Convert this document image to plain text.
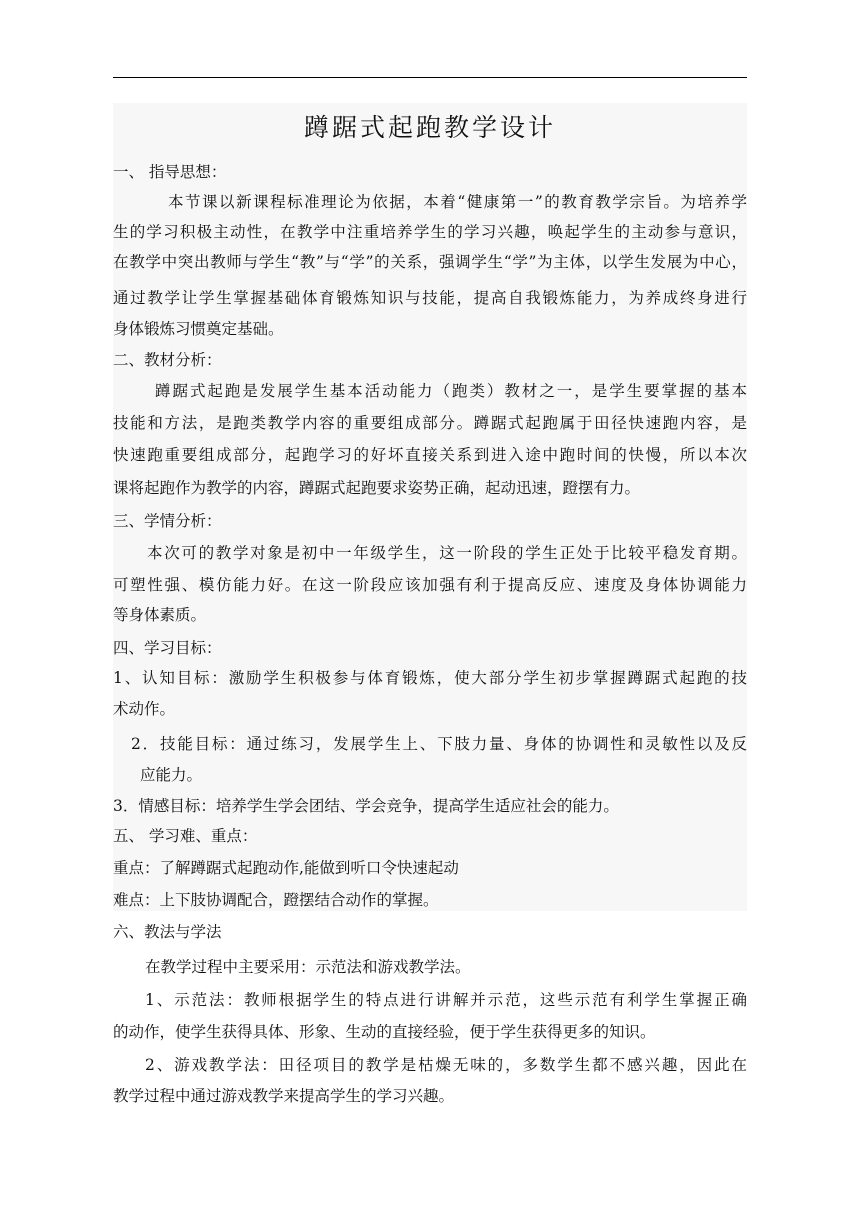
蹲踞式起跑教学设计
一、 指导思想：
本节课以新课程标准理论为依据，本着“健康第一”的教育教学宗旨。为培养学
生的学习积极主动性，在教学中注重培养学生的学习兴趣，唤起学生的主动参与意识，
在教学中突出教师与学生“教”与“学”的关系，强调学生“学”为主体，以学生发展为中心，
通过教学让学生掌握基础体育锻炼知识与技能，提高自我锻炼能力，为养成终身进行
身体锻炼习惯奠定基础。
二、教材分析：
蹲踞式起跑是发展学生基本活动能力（跑类）教材之一，是学生要掌握的基本
技能和方法，是跑类教学内容的重要组成部分。蹲踞式起跑属于田径快速跑内容，是
快速跑重要组成部分，起跑学习的好坏直接关系到进入途中跑时间的快慢，所以本次
课将起跑作为教学的内容，蹲踞式起跑要求姿势正确，起动迅速，蹬摆有力。
三、学情分析：
本次可的教学对象是初中一年级学生，这一阶段的学生正处于比较平稳发育期。
可塑性强、模仿能力好。在这一阶段应该加强有利于提高反应、速度及身体协调能力
等身体素质。
四、学习目标：
1、认知目标：激励学生积极参与体育锻炼，使大部分学生初步掌握蹲踞式起跑的技
术动作。
2．技能目标：通过练习，发展学生上、下肢力量、身体的协调性和灵敏性以及反
应能力。
3．情感目标：培养学生学会团结、学会竞争，提高学生适应社会的能力。
五、 学习难、重点：
重点：了解蹲踞式起跑动作,能做到听口令快速起动
难点：上下肢协调配合，蹬摆结合动作的掌握。
六、教法与学法
在教学过程中主要采用：示范法和游戏教学法。
1、示范法：教师根据学生的特点进行讲解并示范，这些示范有利学生掌握正确
的动作，使学生获得具体、形象、生动的直接经验，便于学生获得更多的知识。
2、游戏教学法：田径项目的教学是枯燥无味的，多数学生都不感兴趣，因此在
教学过程中通过游戏教学来提高学生的学习兴趣。
